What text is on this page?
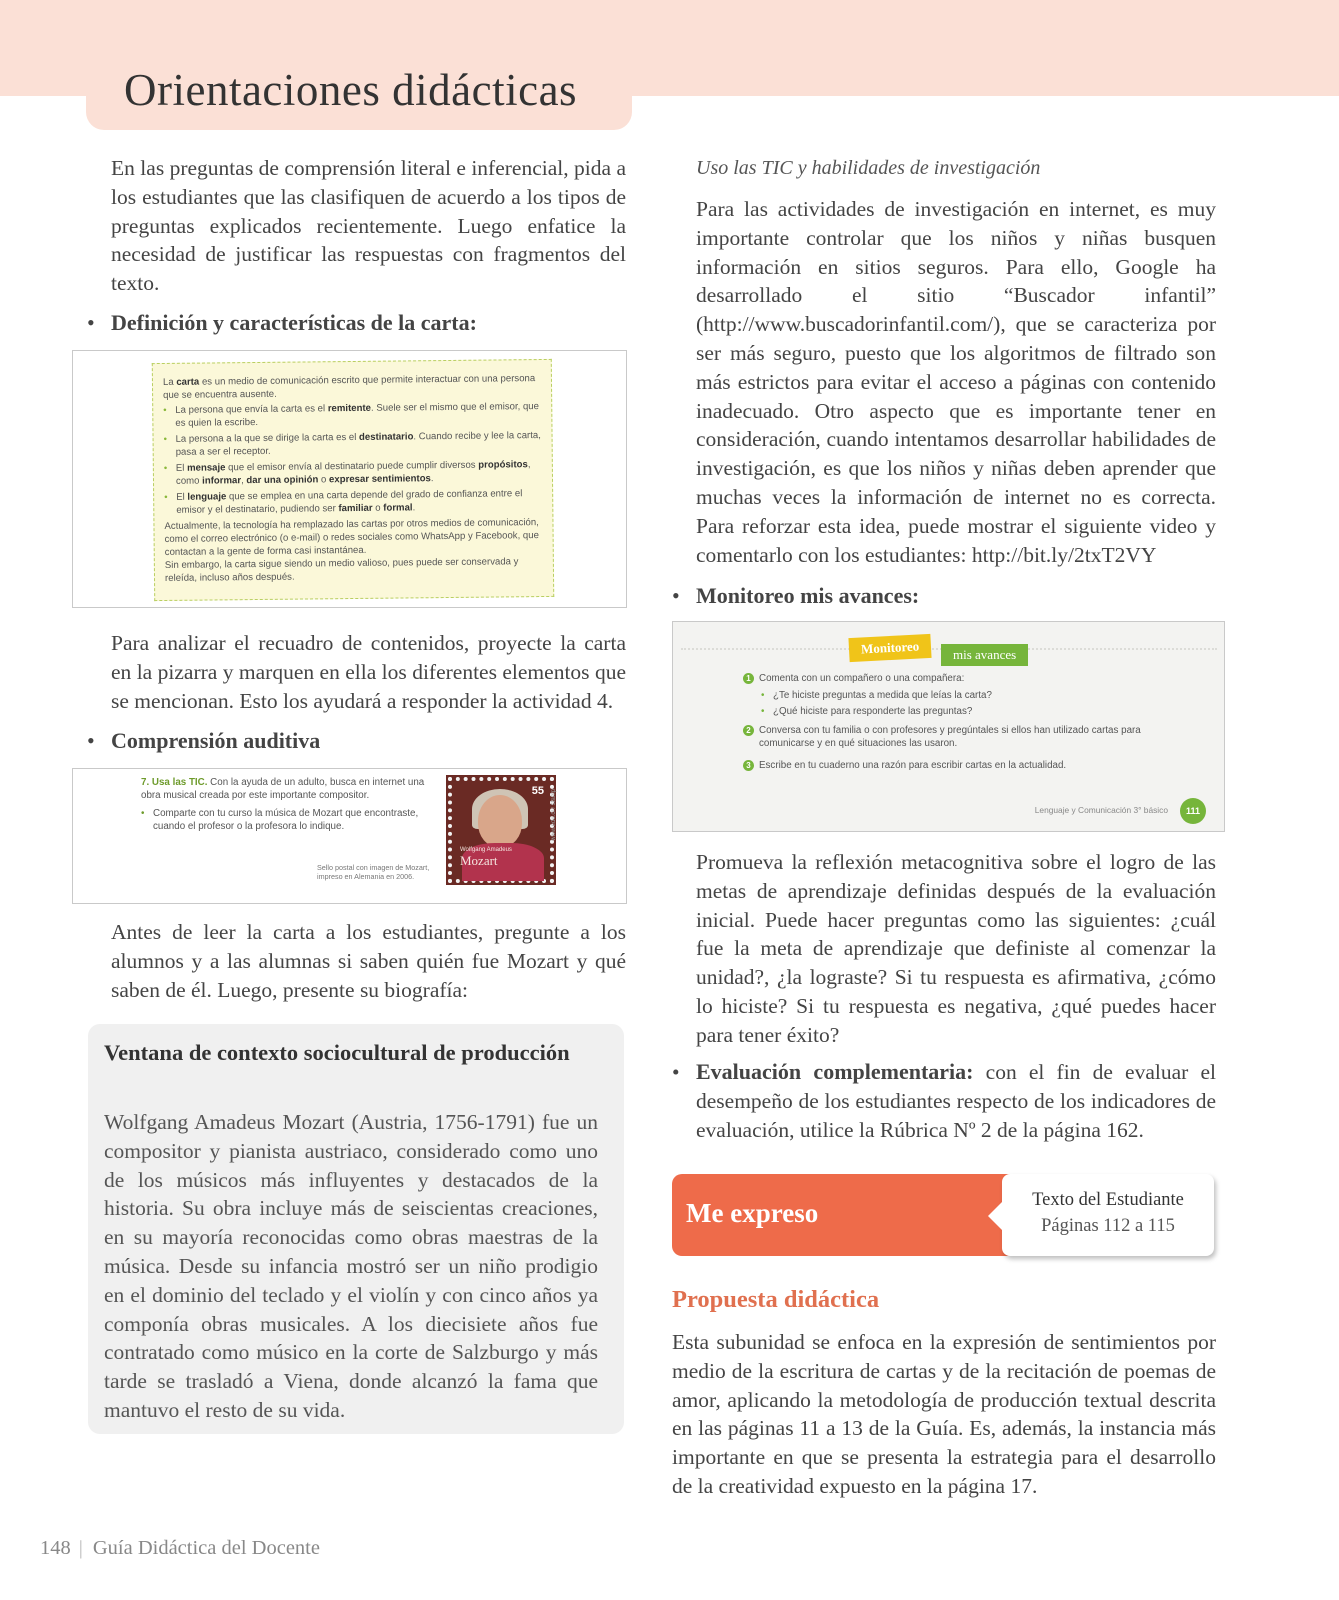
Orientaciones didácticas
En las preguntas de comprensión literal e inferencial, pida a los estudiantes que las clasifiquen de acuerdo a los tipos de preguntas explicados recientemente. Luego enfatice la necesidad de justificar las respuestas con fragmentos del texto.
• Definición y características de la carta:
La carta es un medio de comunicación escrito que permite interactuar con una persona que se encuentra ausente.
• La persona que envía la carta es el remitente. Suele ser el mismo que el emisor, que es quien la escribe.
• La persona a la que se dirige la carta es el destinatario. Cuando recibe y lee la carta, pasa a ser el receptor.
• El mensaje que el emisor envía al destinatario puede cumplir diversos propósitos, como informar, dar una opinión o expresar sentimientos.
• El lenguaje que se emplea en una carta depende del grado de confianza entre el emisor y el destinatario, pudiendo ser familiar o formal.
Actualmente, la tecnología ha remplazado las cartas por otros medios de comunicación, como el correo electrónico (o e-mail) o redes sociales como WhatsApp y Facebook, que contactan a la gente de forma casi instantánea.
Sin embargo, la carta sigue siendo un medio valioso, pues puede ser conservada y releída, incluso años después.
Para analizar el recuadro de contenidos, proyecte la carta en la pizarra y marquen en ella los diferentes elementos que se mencionan. Esto los ayudará a responder la actividad 4.
• Comprensión auditiva
7. Usa las TIC. Con la ayuda de un adulto, busca en internet una obra musical creada por este importante compositor.
• Comparte con tu curso la música de Mozart que encontraste, cuando el profesor o la profesora lo indique.
Sello postal con imagen de Mozart, impreso en Alemania en 2006.
55
Wolfgang Amadeus
Mozart
www.edu.cl / stamp
Antes de leer la carta a los estudiantes, pregunte a los alumnos y a las alumnas si saben quién fue Mozart y qué saben de él. Luego, presente su biografía:
Ventana de contexto sociocultural de producción
Wolfgang Amadeus Mozart (Austria, 1756-1791) fue un compositor y pianista austriaco, considerado como uno de los músicos más influyentes y destacados de la historia. Su obra incluye más de seiscientas creaciones, en su mayoría reconocidas como obras maestras de la música. Desde su infancia mostró ser un niño prodigio en el dominio del teclado y el violín y con cinco años ya componía obras musicales. A los diecisiete años fue contratado como músico en la corte de Salzburgo y más tarde se trasladó a Viena, donde alcanzó la fama que mantuvo el resto de su vida.
Uso las TIC y habilidades de investigación
Para las actividades de investigación en internet, es muy importante controlar que los niños y niñas busquen información en sitios seguros. Para ello, Google ha desarrollado el sitio “Buscador infantil” (http://www.buscadorinfantil.com/), que se caracteriza por ser más seguro, puesto que los algoritmos de filtrado son más estrictos para evitar el acceso a páginas con contenido inadecuado. Otro aspecto que es importante tener en consideración, cuando intentamos desarrollar habilidades de investigación, es que los niños y niñas deben aprender que muchas veces la información de internet no es correcta. Para reforzar esta idea, puede mostrar el siguiente video y comentarlo con los estudiantes: http://bit.ly/2txT2VY
• Monitoreo mis avances:
Monitoreo	mis avances
1 Comenta con un compañero o una compañera:
• ¿Te hiciste preguntas a medida que leías la carta?
• ¿Qué hiciste para responderte las preguntas?
2 Conversa con tu familia o con profesores y pregúntales si ellos han utilizado cartas para comunicarse y en qué situaciones las usaron.
3 Escribe en tu cuaderno una razón para escribir cartas en la actualidad.
Lenguaje y Comunicación 3° básico	111
Promueva la reflexión metacognitiva sobre el logro de las metas de aprendizaje definidas después de la evaluación inicial. Puede hacer preguntas como las siguientes: ¿cuál fue la meta de aprendizaje que definiste al comenzar la unidad?, ¿la lograste? Si tu respuesta es afirmativa, ¿cómo lo hiciste? Si tu respuesta es negativa, ¿qué puedes hacer para tener éxito?
• Evaluación complementaria: con el fin de evaluar el desempeño de los estudiantes respecto de los indicadores de evaluación, utilice la Rúbrica Nº 2 de la página 162.
Me expreso	Texto del Estudiante
Páginas 112 a 115
Propuesta didáctica
Esta subunidad se enfoca en la expresión de sentimientos por medio de la escritura de cartas y de la recitación de poemas de amor, aplicando la metodología de producción textual descrita en las páginas 11 a 13 de la Guía. Es, además, la instancia más importante en que se presenta la estrategia para el desarrollo de la creatividad expuesto en la página 17.
148 | Guía Didáctica del Docente
